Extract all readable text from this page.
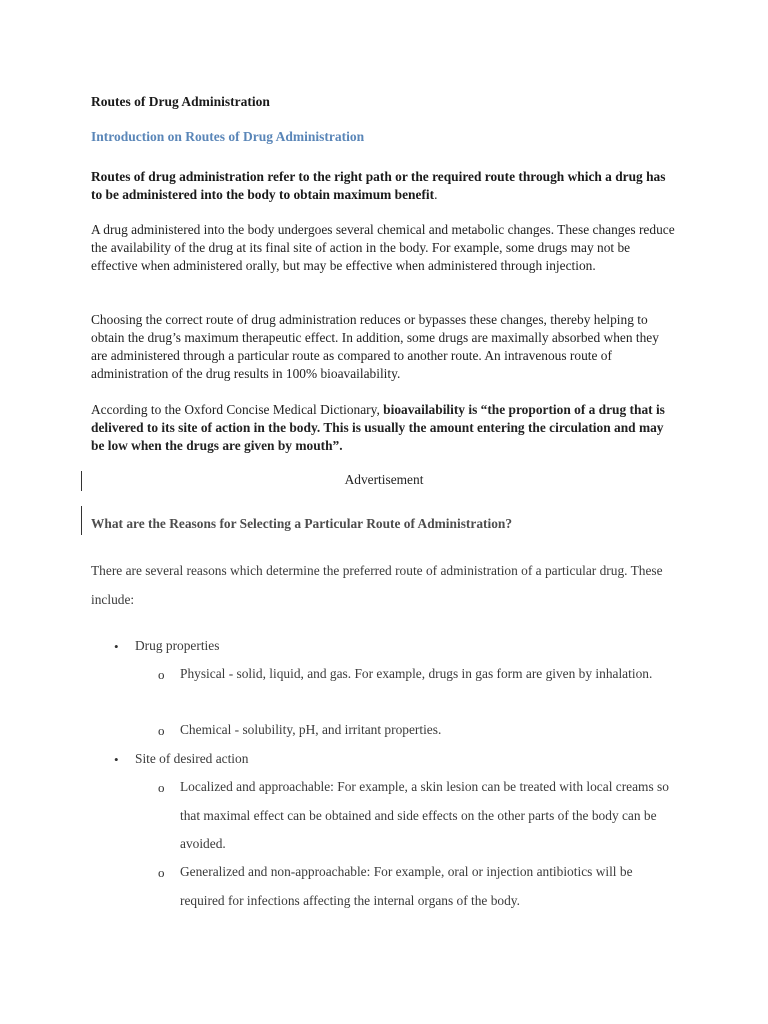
Routes of Drug Administration

Introduction on Routes of Drug Administration

Routes of drug administration refer to the right path or the required route through which a drug has to be administered into the body to obtain maximum benefit.

A drug administered into the body undergoes several chemical and metabolic changes. These changes reduce the availability of the drug at its final site of action in the body. For example, some drugs may not be effective when administered orally, but may be effective when administered through injection.

Choosing the correct route of drug administration reduces or bypasses these changes, thereby helping to obtain the drug’s maximum therapeutic effect. In addition, some drugs are maximally absorbed when they are administered through a particular route as compared to another route. An intravenous route of administration of the drug results in 100% bioavailability.

According to the Oxford Concise Medical Dictionary, bioavailability is “the proportion of a drug that is delivered to its site of action in the body. This is usually the amount entering the circulation and may be low when the drugs are given by mouth”.

Advertisement

What are the Reasons for Selecting a Particular Route of Administration?

There are several reasons which determine the preferred route of administration of a particular drug. These include:

• Drug properties
o Physical - solid, liquid, and gas. For example, drugs in gas form are given by inhalation.
o Chemical - solubility, pH, and irritant properties.
• Site of desired action
o Localized and approachable: For example, a skin lesion can be treated with local creams so that maximal effect can be obtained and side effects on the other parts of the body can be avoided.
o Generalized and non-approachable: For example, oral or injection antibiotics will be required for infections affecting the internal organs of the body.
